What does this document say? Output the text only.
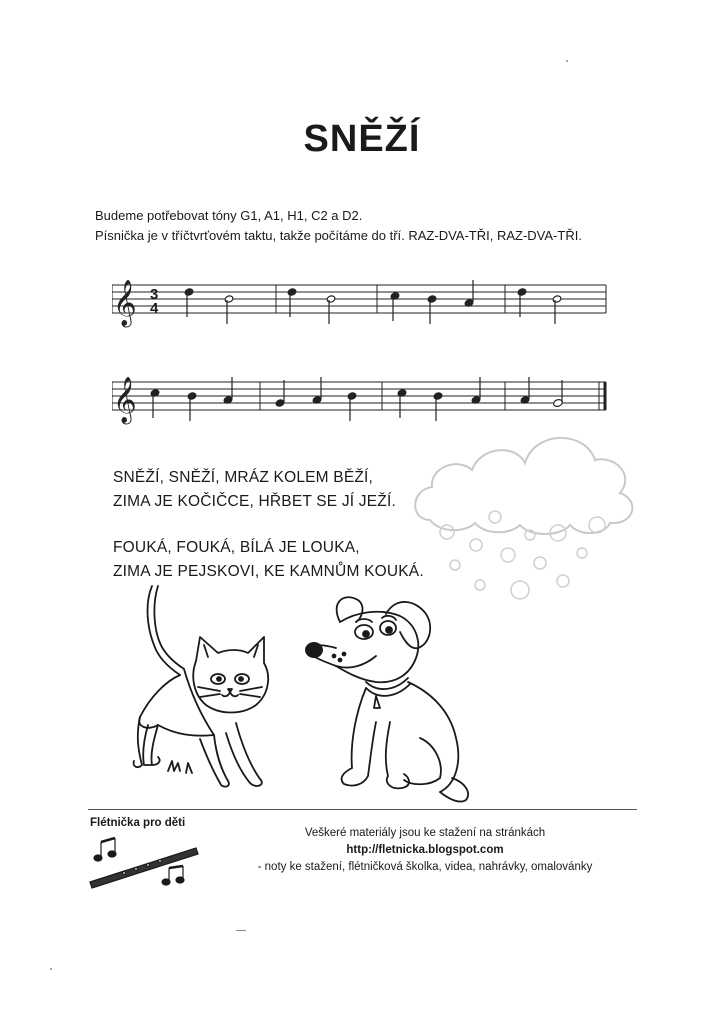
SNĚŽÍ
Budeme potřebovat tóny G1, A1, H1, C2 a D2.
Písnička je v tříčtvrťovém taktu, takže počítáme do tří. RAZ-DVA-TŘI, RAZ-DVA-TŘI.
𝄞 3
4
𝄞
SNĚŽÍ, SNĚŽÍ, MRÁZ KOLEM BĚŽÍ,
ZIMA JE KOČIČCE, HŘBET SE JÍ JEŽÍ.
FOUKÁ, FOUKÁ, BÍLÁ JE LOUKA,
ZIMA JE PEJSKOVI, KE KAMNŮM KOUKÁ.
Flétnička pro děti
Veškeré materiály jsou ke stažení na stránkách
http://fletnicka.blogspot.com
- noty ke stažení, flétničková školka, videa, nahrávky, omalovánky
